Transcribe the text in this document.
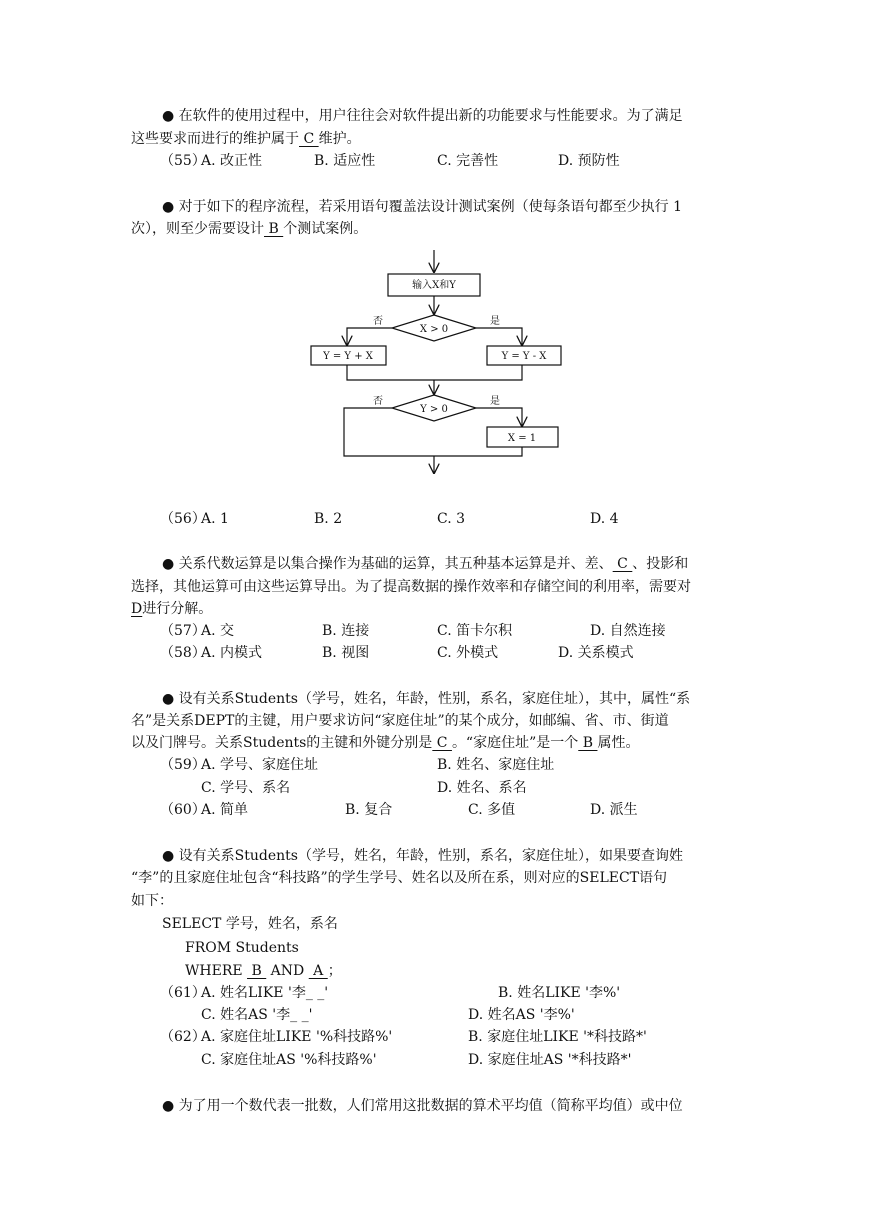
● 在软件的使用过程中，用户往往会对软件提出新的功能要求与性能要求。为了满足
这些要求而进行的维护属于 C 维护。
（55）
A. 改正性	B. 适应性	C. 完善性	D. 预防性
● 对于如下的程序流程，若采用语句覆盖法设计测试案例（使每条语句都至少执行 1
次），则至少需要设计 B 个测试案例。
输入X和Y
X > 0
否	是
Y = Y + X	Y = Y - X
Y > 0
否	是
X = 1
（56）
A. 1	B. 2	C. 3	D. 4
● 关系代数运算是以集合操作为基础的运算，其五种基本运算是并、差、 C 、投影和
选择，其他运算可由这些运算导出。为了提高数据的操作效率和存储空间的利用率，需要对
D进行分解。
（57）
A. 交	B. 连接	C. 笛卡尔积	D. 自然连接
（58）
A. 内模式	B. 视图	C. 外模式	D. 关系模式
● 设有关系Students（学号，姓名，年龄，性别，系名，家庭住址），其中，属性“系
名”是关系DEPT的主键，用户要求访问“家庭住址”的某个成分，如邮编、省、市、街道
以及门牌号。关系Students的主键和外键分别是 C 。“家庭住址”是一个 B 属性。
（59）
A. 学号、家庭住址	B. 姓名、家庭住址
C. 学号、系名	D. 姓名、系名
（60）
A. 简单	B. 复合	C. 多值	D. 派生
● 设有关系Students（学号，姓名，年龄，性别，系名，家庭住址），如果要查询姓
“李”的且家庭住址包含“科技路”的学生学号、姓名以及所在系，则对应的SELECT语句
如下：
SELECT 学号，姓名，系名
FROM Students
WHERE  B  AND  A ；
（61）
A. 姓名LIKE '李_ _'	B. 姓名LIKE '李%'
C. 姓名AS '李_ _'	D. 姓名AS '李%'
（62）
A. 家庭住址LIKE '%科技路%'	B. 家庭住址LIKE '*科技路*'
C. 家庭住址AS '%科技路%'	D. 家庭住址AS '*科技路*'
● 为了用一个数代表一批数，人们常用这批数据的算术平均值（简称平均值）或中位
